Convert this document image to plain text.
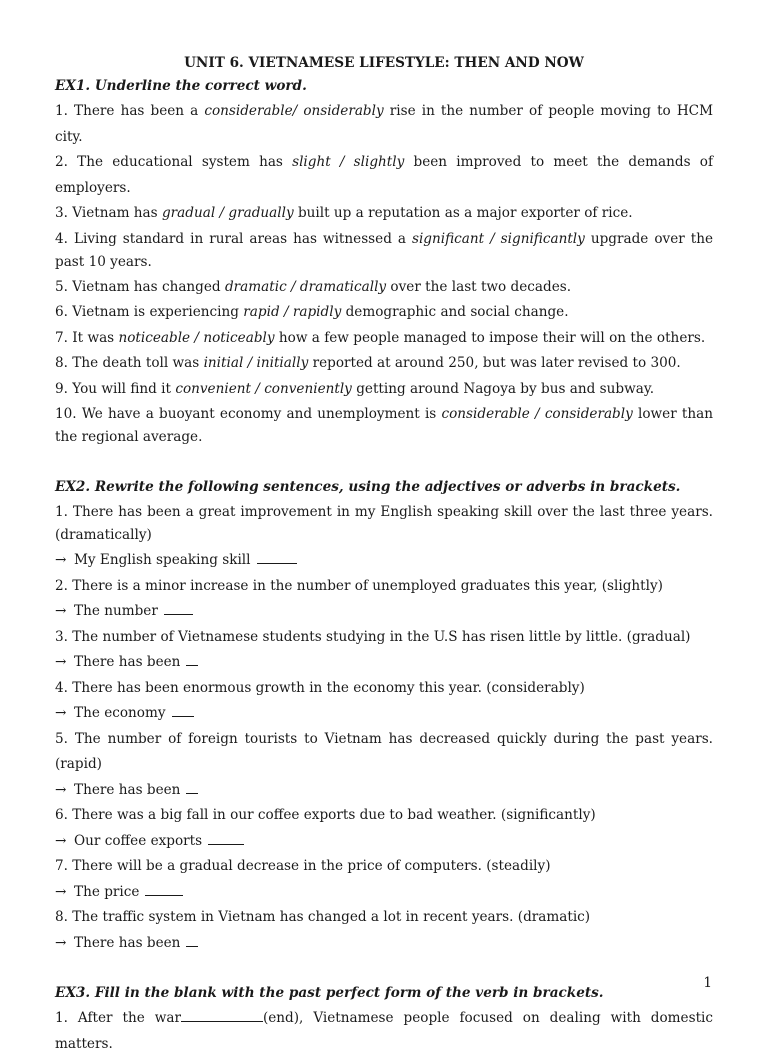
UNIT 6. VIETNAMESE LIFESTYLE: THEN AND NOW
EX1. Underline the correct word.
1. There has been a considerable/ onsiderably rise in the number of people moving to HCM city.
2. The educational system has slight / slightly been improved to meet the demands of employers.
3. Vietnam has gradual / gradually built up a reputation as a major exporter of rice.
4. Living standard in rural areas has witnessed a significant / significantly upgrade over the past 10 years.
5. Vietnam has changed dramatic / dramatically over the last two decades.
6. Vietnam is experiencing rapid / rapidly demographic and social change.
7. It was noticeable / noticeably how a few people managed to impose their will on the others.
8. The death toll was initial / initially reported at around 250, but was later revised to 300.
9. You will find it convenient / conveniently getting around Nagoya by bus and subway.
10. We have a buoyant economy and unemployment is considerable / considerably lower than the regional average.
EX2. Rewrite the following sentences, using the adjectives or adverbs in brackets.
1. There has been a great improvement in my English speaking skill over the last three years. (dramatically)
→ My English speaking skill
2. There is a minor increase in the number of unemployed graduates this year, (slightly)
→ The number
3. The number of Vietnamese students studying in the U.S has risen little by little. (gradual)
→ There has been
4. There has been enormous growth in the economy this year. (considerably)
→ The economy
5. The number of foreign tourists to Vietnam has decreased quickly during the past years. (rapid)
→ There has been
6. There was a big fall in our coffee exports due to bad weather. (significantly)
→ Our coffee exports
7. There will be a gradual decrease in the price of computers. (steadily)
→ The price
8. The traffic system in Vietnam has changed a lot in recent years. (dramatic)
→ There has been
EX3. Fill in the blank with the past perfect form of the verb in brackets.
1. After the war	(end), Vietnamese people focused on dealing with domestic matters.
1
